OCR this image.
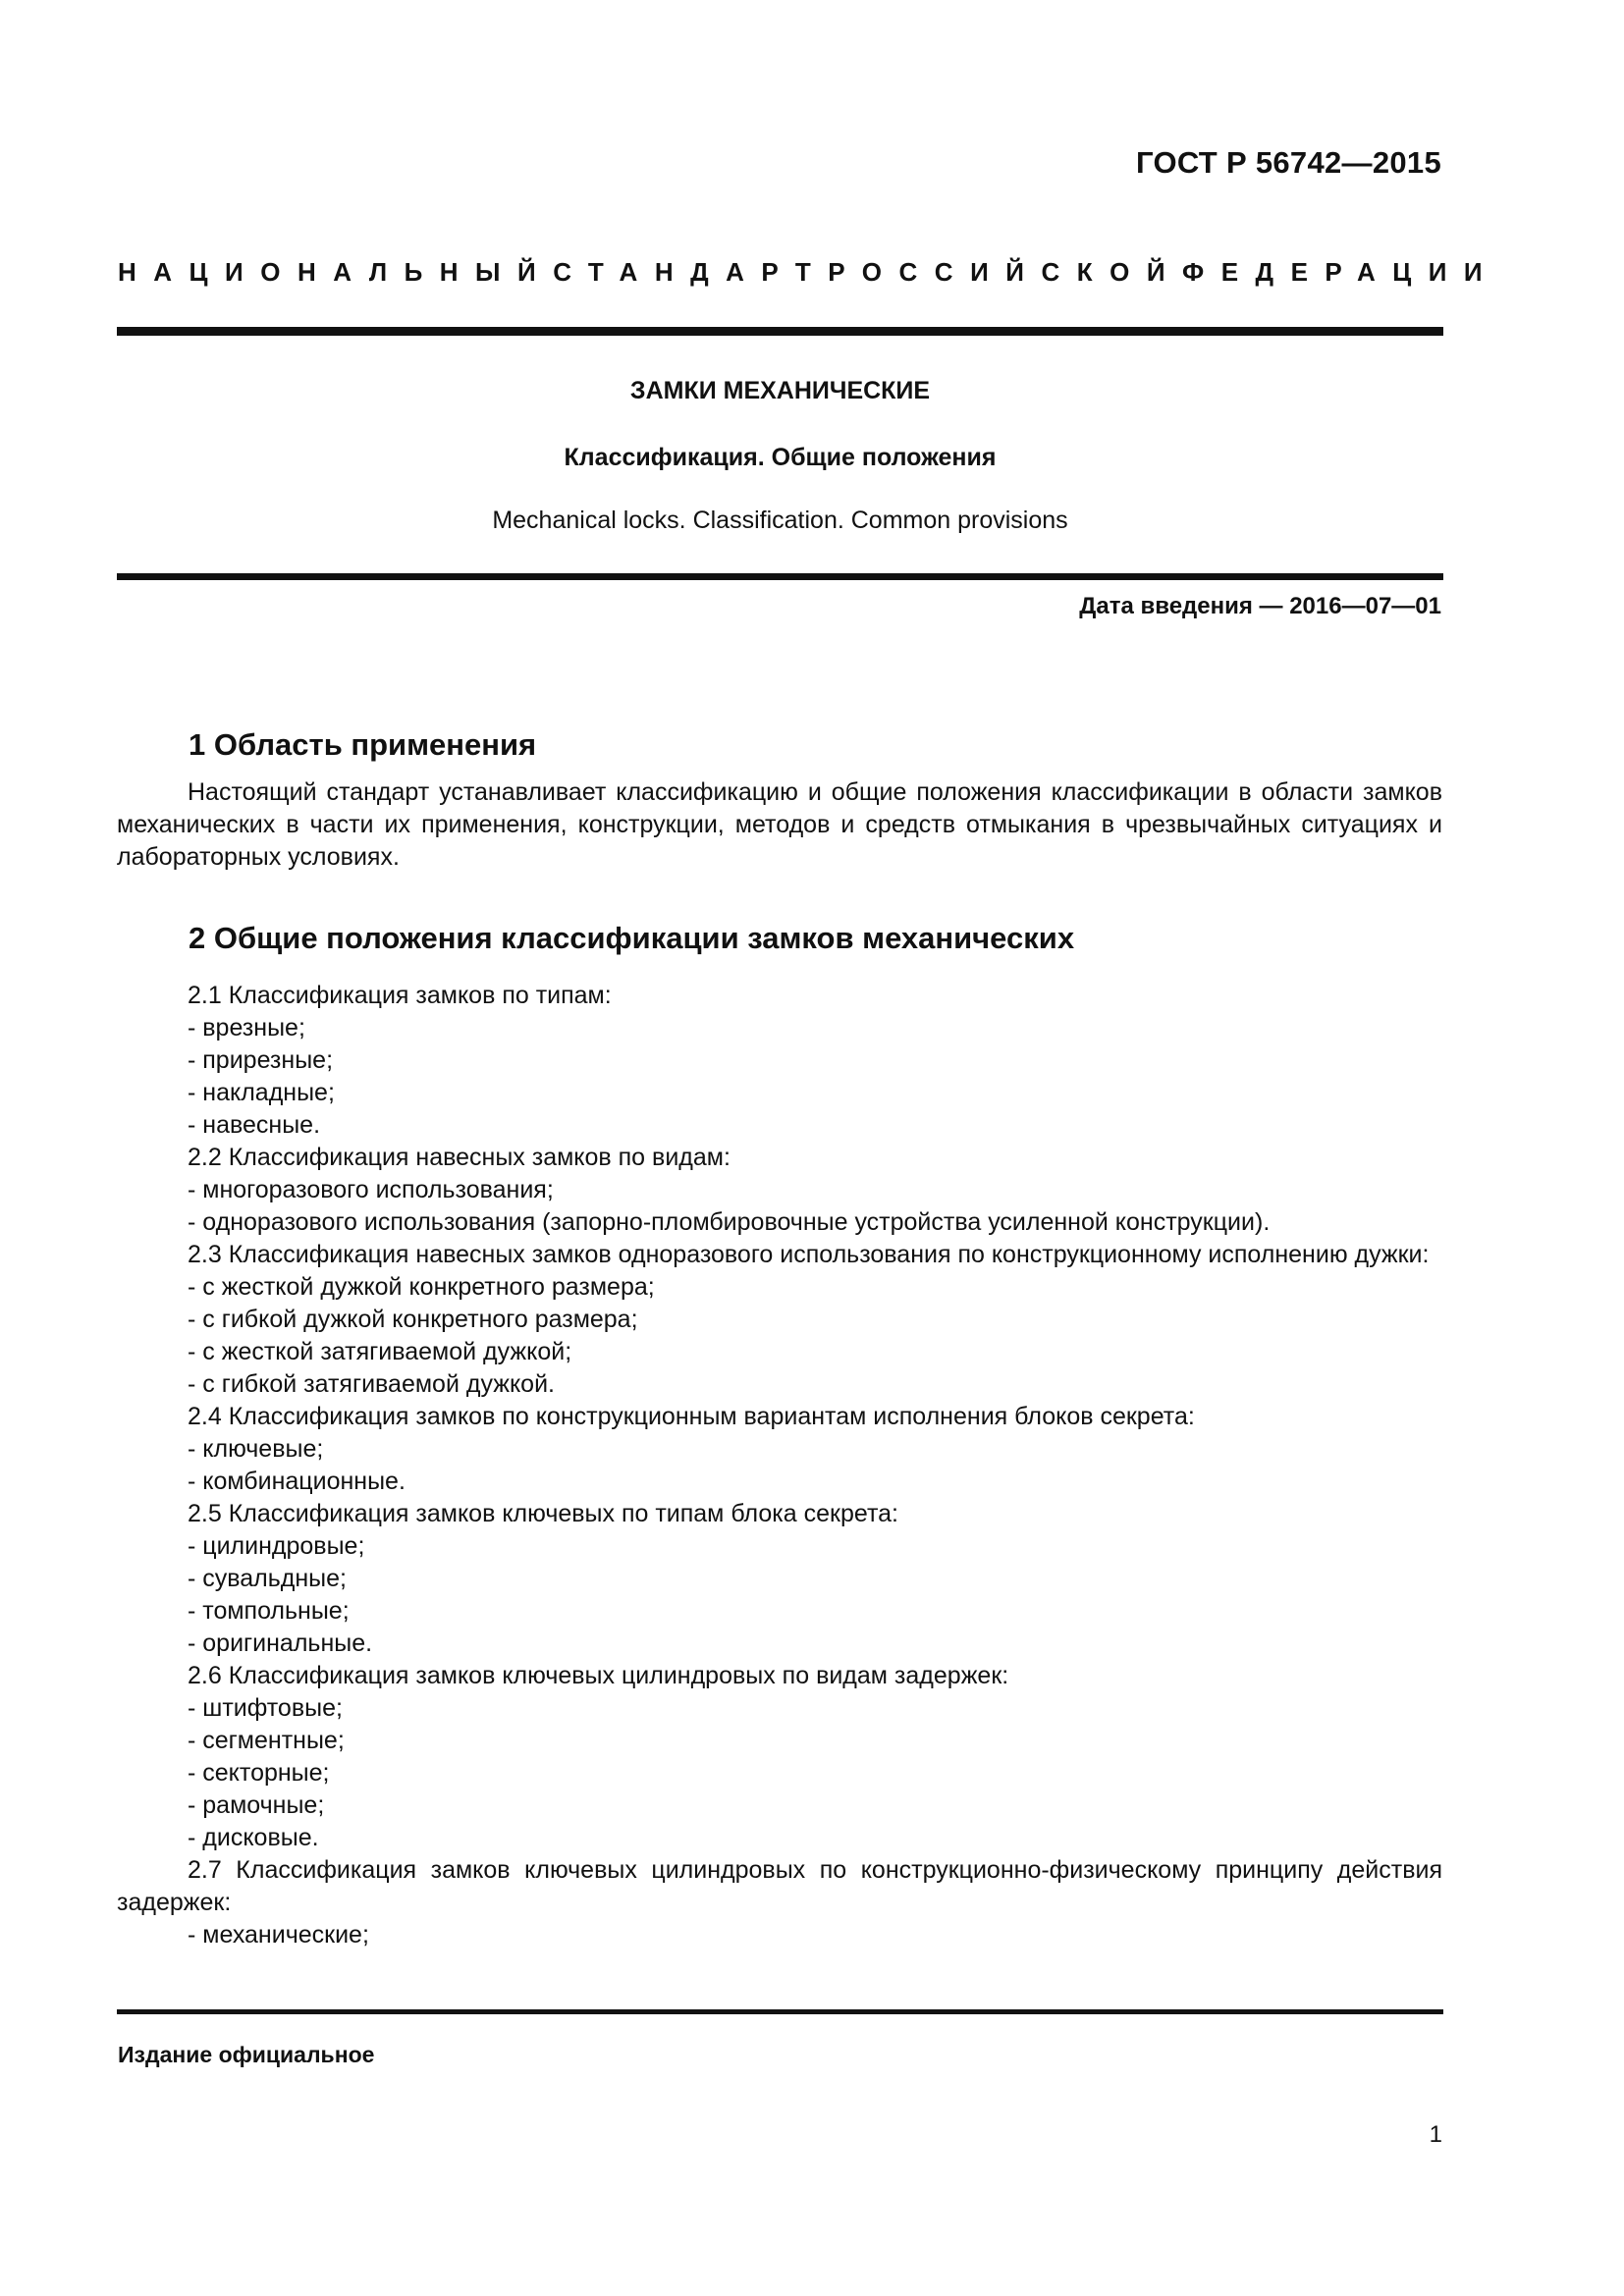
ГОСТ Р 56742—2015
НАЦИОНАЛЬНЫЙ СТАНДАРТ РОССИЙСКОЙ ФЕДЕРАЦИИ
ЗАМКИ МЕХАНИЧЕСКИЕ
Классификация. Общие положения
Mechanical locks. Classification. Common provisions
Дата введения — 2016—07—01
1 Область применения

Настоящий стандарт устанавливает классификацию и общие положения классификации в области замков механических в части их применения, конструкции, методов и средств отмыкания в чрезвычайных ситуациях и лабораторных условиях.

2 Общие положения классификации замков механических
2.1 Классификация замков по типам:
- врезные;
- прирезные;
- накладные;
- навесные.
2.2 Классификация навесных замков по видам:
- многоразового использования;
- одноразового использования (запорно-пломбировочные устройства усиленной конструкции).

2.3 Классификация навесных замков одноразового использования по конструкционному исполнению дужки:

- с жесткой дужкой конкретного размера;
- с гибкой дужкой конкретного размера;
- с жесткой затягиваемой дужкой;
- с гибкой затягиваемой дужкой.
2.4 Классификация замков по конструкционным вариантам исполнения блоков секрета:
- ключевые;
- комбинационные.
2.5 Классификация замков ключевых по типам блока секрета:
- цилиндровые;
- сувальдные;
- томпольные;
- оригинальные.
2.6 Классификация замков ключевых цилиндровых по видам задержек:
- штифтовые;
- сегментные;
- секторные;
- рамочные;
- дисковые.

2.7 Классификация замков ключевых цилиндровых по конструкционно-физическому принципу действия задержек:

- механические;
Издание официальное
1
